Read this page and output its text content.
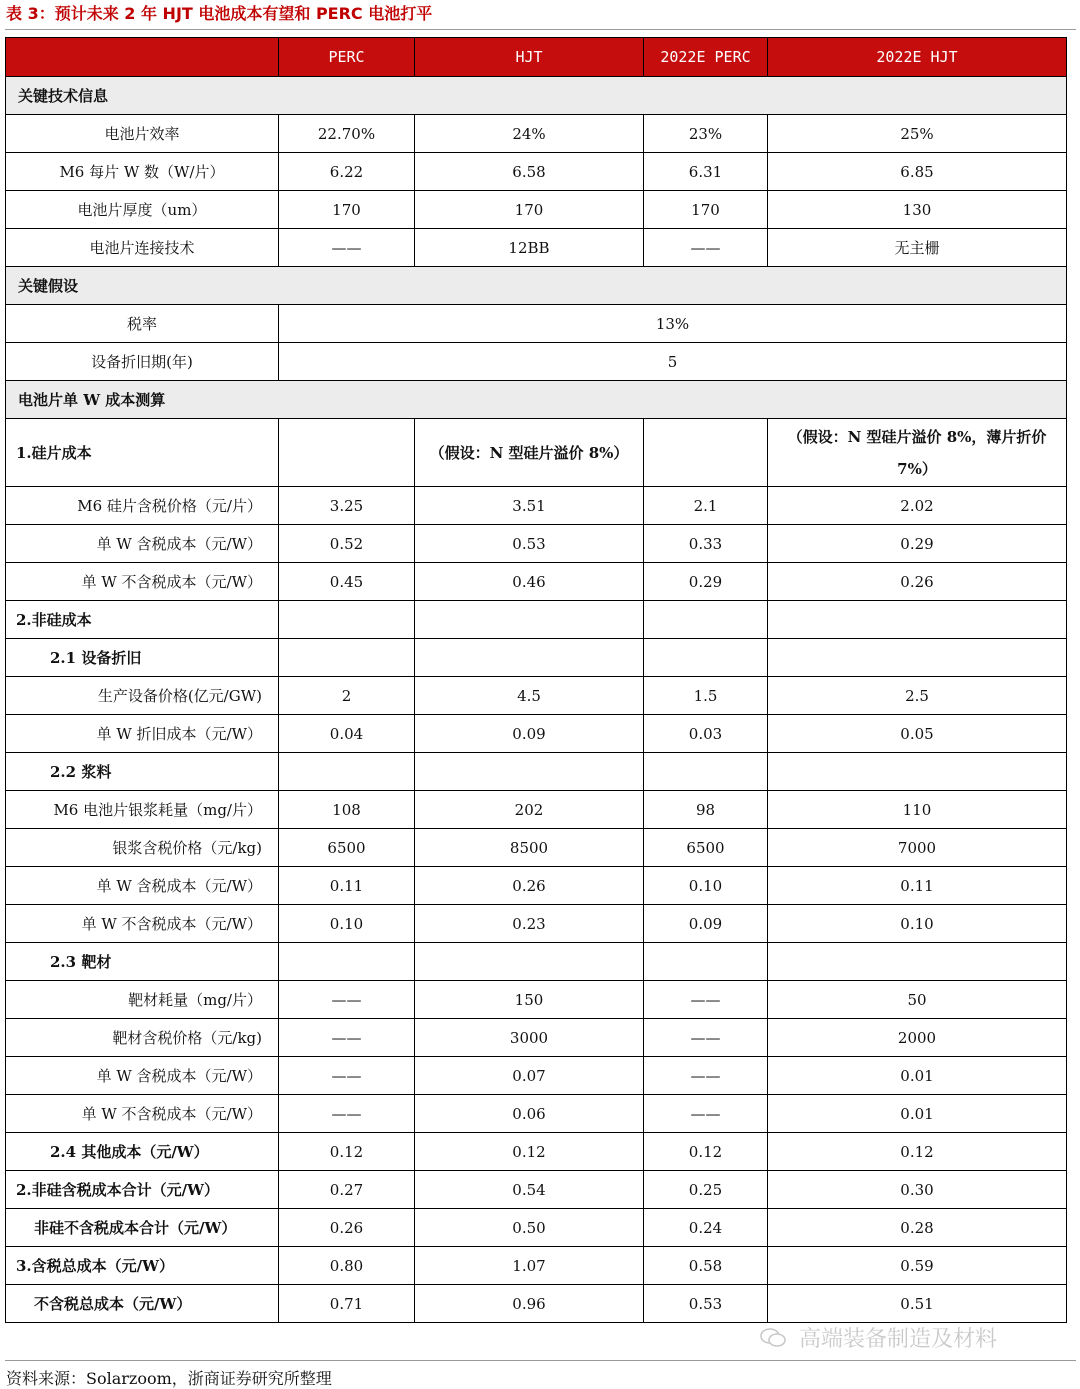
表 3：预计未来 2 年 HJT 电池成本有望和 PERC 电池打平
	PERC	HJT	2022E PERC	2022E HJT
关键技术信息				
电池片效率	22.70%	24%	23%	25%
M6 每片 W 数（W/片）	6.22	6.58	6.31	6.85
电池片厚度（um）	170	170	170	130
电池片连接技术	——	12BB	——	无主栅
关键假设				
税率	13%			
设备折旧期(年)	5			
电池片单 W 成本测算				
1.硅片成本		（假设：N 型硅片溢价 8%）		（假设：N 型硅片溢价 8%，薄片折价 7%）
M6 硅片含税价格（元/片）	3.25	3.51	2.1	2.02
单 W 含税成本（元/W）	0.52	0.53	0.33	0.29
单 W 不含税成本（元/W）	0.45	0.46	0.29	0.26
2.非硅成本				
2.1 设备折旧				
生产设备价格(亿元/GW)	2	4.5	1.5	2.5
单 W 折旧成本（元/W）	0.04	0.09	0.03	0.05
2.2 浆料				
M6 电池片银浆耗量（mg/片）	108	202	98	110
银浆含税价格（元/kg)	6500	8500	6500	7000
单 W 含税成本（元/W）	0.11	0.26	0.10	0.11
单 W 不含税成本（元/W）	0.10	0.23	0.09	0.10
2.3 靶材				
靶材耗量（mg/片）	——	150	——	50
靶材含税价格（元/kg)	——	3000	——	2000
单 W 含税成本（元/W）	——	0.07	——	0.01
单 W 不含税成本（元/W）	——	0.06	——	0.01
2.4 其他成本（元/W）	0.12	0.12	0.12	0.12
2.非硅含税成本合计（元/W）	0.27	0.54	0.25	0.30
非硅不含税成本合计（元/W）	0.26	0.50	0.24	0.28
3.含税总成本（元/W）	0.80	1.07	0.58	0.59
不含税总成本（元/W）	0.71	0.96	0.53	0.51
高端装备制造及材料
资料来源：Solarzoom，浙商证券研究所整理
